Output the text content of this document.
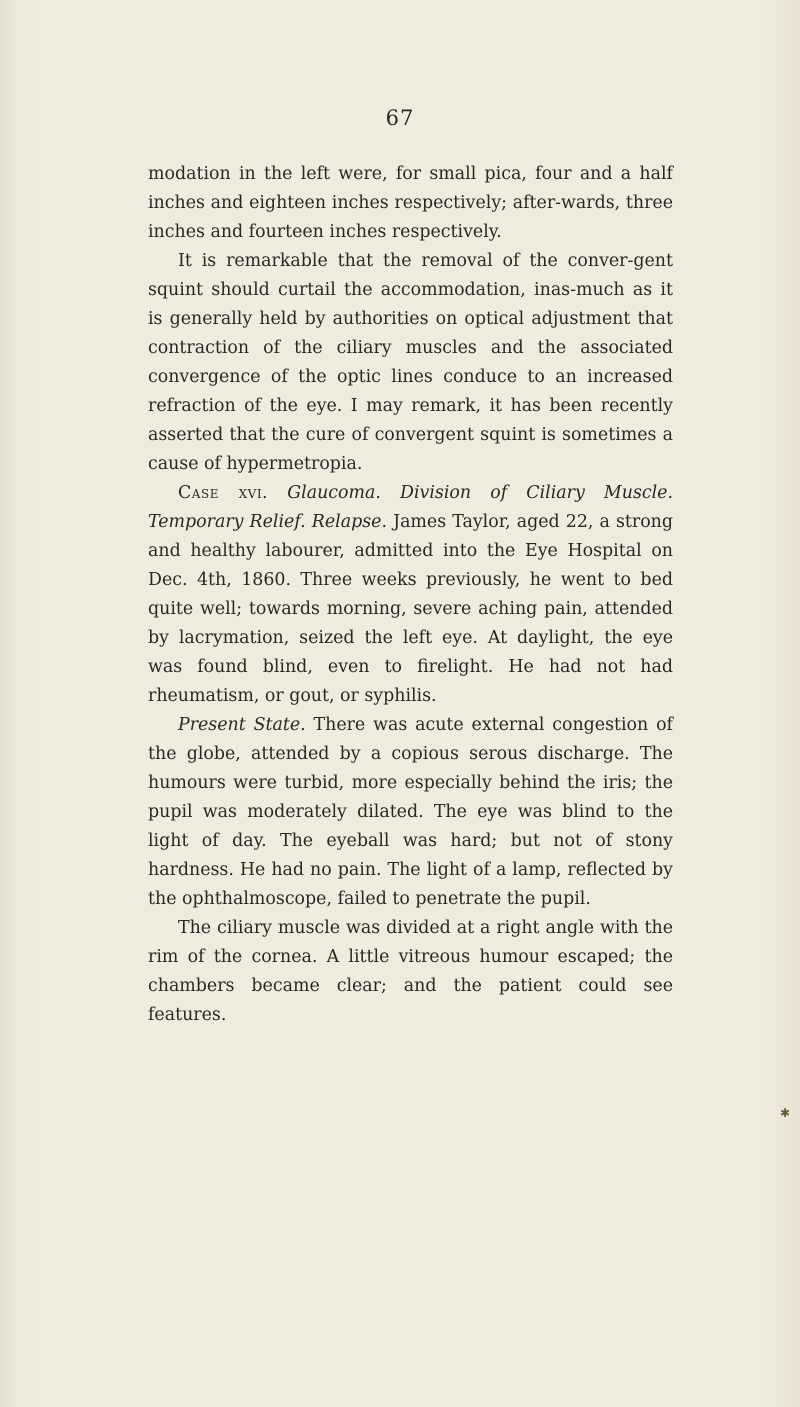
67

modation in the left were, for small pica, four and a half inches and eighteen inches respectively; after-wards, three inches and fourteen inches respectively.

It is remarkable that the removal of the conver-gent squint should curtail the accommodation, inas-much as it is generally held by authorities on optical adjustment that contraction of the ciliary muscles and the associated convergence of the optic lines conduce to an increased refraction of the eye. I may remark, it has been recently asserted that the cure of convergent squint is sometimes a cause of hypermetropia.

Case xvi. Glaucoma. Division of Ciliary Muscle. Temporary Relief. Relapse. James Taylor, aged 22, a strong and healthy labourer, admitted into the Eye Hospital on Dec. 4th, 1860. Three weeks previously, he went to bed quite well; towards morning, severe aching pain, attended by lacrymation, seized the left eye. At daylight, the eye was found blind, even to firelight. He had not had rheumatism, or gout, or syphilis.

Present State. There was acute external congestion of the globe, attended by a copious serous discharge. The humours were turbid, more especially behind the iris; the pupil was moderately dilated. The eye was blind to the light of day. The eyeball was hard; but not of stony hardness. He had no pain. The light of a lamp, reflected by the ophthalmoscope, failed to penetrate the pupil.

The ciliary muscle was divided at a right angle with the rim of the cornea. A little vitreous humour escaped; the chambers became clear; and the patient could see features.

✱
